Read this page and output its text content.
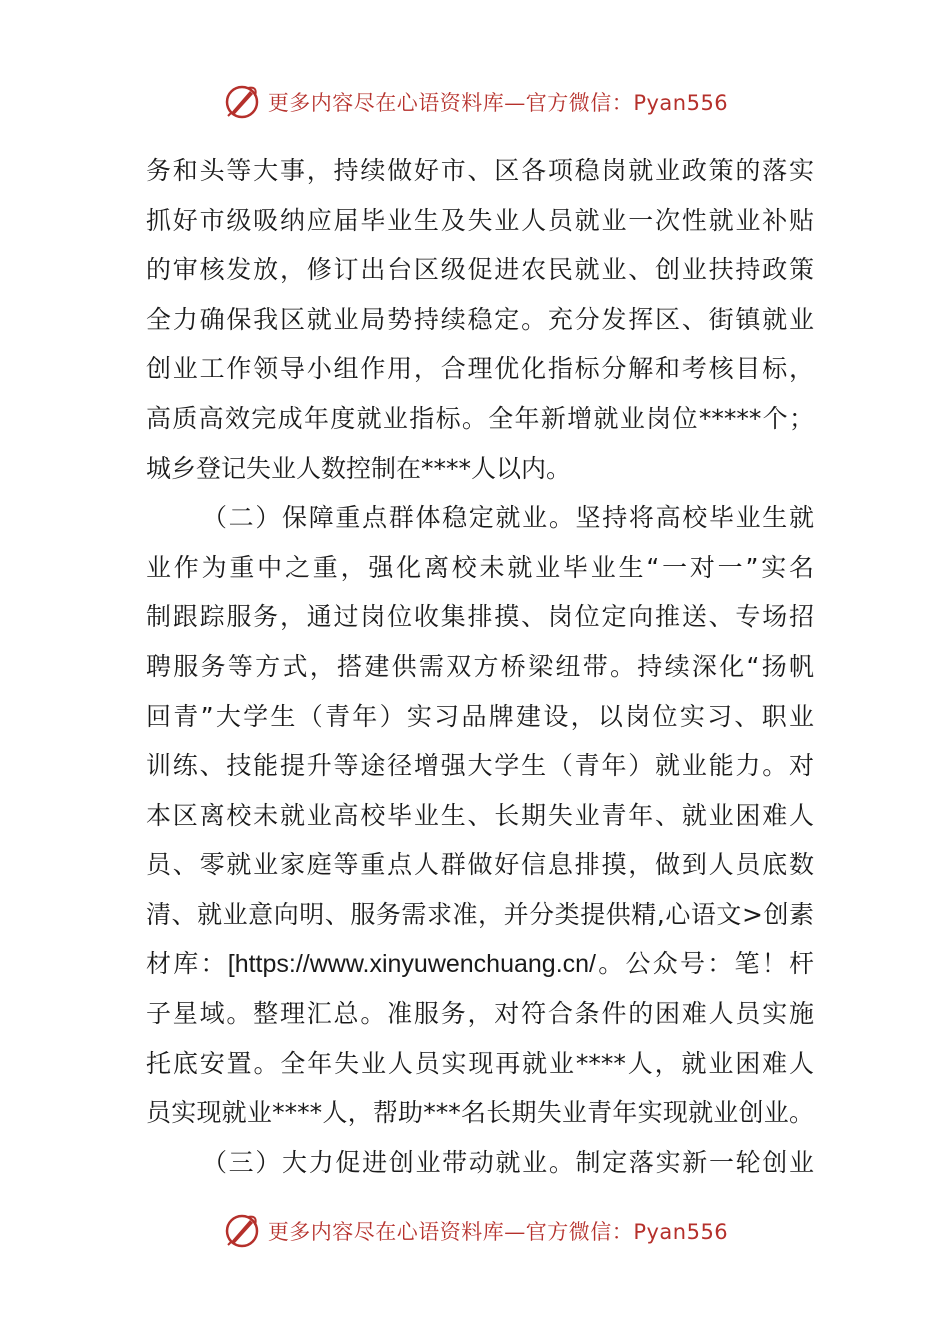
更多内容尽在心语资料库—官方微信：Pyan556
务和头等大事，持续做好市、区各项稳岗就业政策的落实
抓好市级吸纳应届毕业生及失业人员就业一次性就业补贴
的审核发放，修订出台区级促进农民就业、创业扶持政策
全力确保我区就业局势持续稳定。充分发挥区、街镇就业
创业工作领导小组作用，合理优化指标分解和考核目标，
高质高效完成年度就业指标。全年新增就业岗位*****个；
城乡登记失业人数控制在****人以内。
（二）保障重点群体稳定就业。坚持将高校毕业生就
业作为重中之重，强化离校未就业毕业生“一对一”实名
制跟踪服务，通过岗位收集排摸、岗位定向推送、专场招
聘服务等方式，搭建供需双方桥梁纽带。持续深化“扬帆
回青”大学生（青年）实习品牌建设，以岗位实习、职业
训练、技能提升等途径增强大学生（青年）就业能力。对
本区离校未就业高校毕业生、长期失业青年、就业困难人
员、零就业家庭等重点人群做好信息排摸，做到人员底数
清、就业意向明、服务需求准，并分类提供精,心语文>创素
材库：[https://www.xinyuwenchuang.cn/。公众号：笔！杆
子星域。整理汇总。准服务，对符合条件的困难人员实施
托底安置。全年失业人员实现再就业****人，就业困难人
员实现就业****人，帮助***名长期失业青年实现就业创业。
（三）大力促进创业带动就业。制定落实新一轮创业
更多内容尽在心语资料库—官方微信：Pyan556
